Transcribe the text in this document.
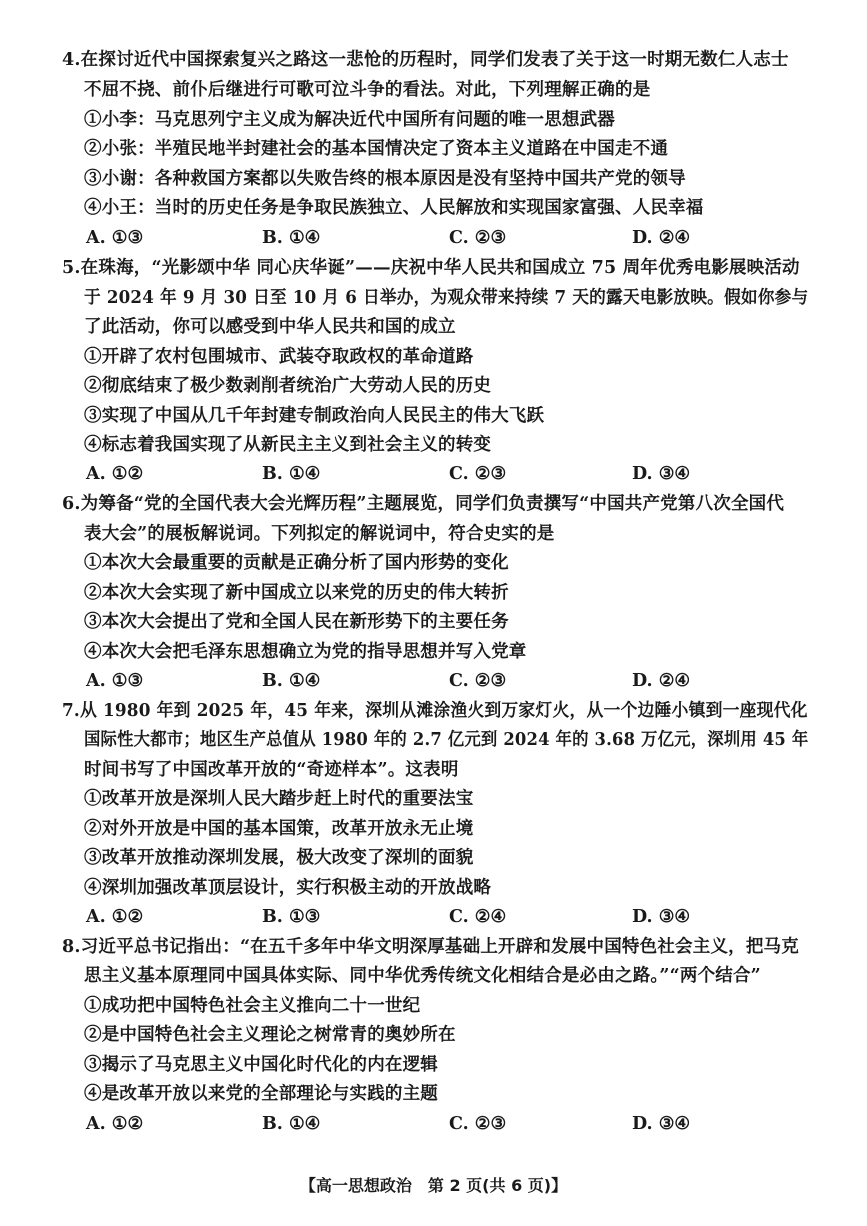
4.在探讨近代中国探索复兴之路这一悲怆的历程时，同学们发表了关于这一时期无数仁人志士
不屈不挠、前仆后继进行可歌可泣斗争的看法。对此，下列理解正确的是
①小李：马克思列宁主义成为解决近代中国所有问题的唯一思想武器
②小张：半殖民地半封建社会的基本国情决定了资本主义道路在中国走不通
③小谢：各种救国方案都以失败告终的根本原因是没有坚持中国共产党的领导
④小王：当时的历史任务是争取民族独立、人民解放和实现国家富强、人民幸福
A. ①③	B. ①④	C. ②③	D. ②④
5.在珠海，“光影颂中华 同心庆华诞”——庆祝中华人民共和国成立 75 周年优秀电影展映活动
于 2024 年 9 月 30 日至 10 月 6 日举办，为观众带来持续 7 天的露天电影放映。假如你参与
了此活动，你可以感受到中华人民共和国的成立
①开辟了农村包围城市、武装夺取政权的革命道路
②彻底结束了极少数剥削者统治广大劳动人民的历史
③实现了中国从几千年封建专制政治向人民民主的伟大飞跃
④标志着我国实现了从新民主主义到社会主义的转变
A. ①②	B. ①④	C. ②③	D. ③④
6.为筹备“党的全国代表大会光辉历程”主题展览，同学们负责撰写“中国共产党第八次全国代
表大会”的展板解说词。下列拟定的解说词中，符合史实的是
①本次大会最重要的贡献是正确分析了国内形势的变化
②本次大会实现了新中国成立以来党的历史的伟大转折
③本次大会提出了党和全国人民在新形势下的主要任务
④本次大会把毛泽东思想确立为党的指导思想并写入党章
A. ①③	B. ①④	C. ②③	D. ②④
7.从 1980 年到 2025 年，45 年来，深圳从滩涂渔火到万家灯火，从一个边陲小镇到一座现代化
国际性大都市；地区生产总值从 1980 年的 2.7 亿元到 2024 年的 3.68 万亿元，深圳用 45 年
时间书写了中国改革开放的“奇迹样本”。这表明
①改革开放是深圳人民大踏步赶上时代的重要法宝
②对外开放是中国的基本国策，改革开放永无止境
③改革开放推动深圳发展，极大改变了深圳的面貌
④深圳加强改革顶层设计，实行积极主动的开放战略
A. ①②	B. ①③	C. ②④	D. ③④
8.习近平总书记指出：“在五千多年中华文明深厚基础上开辟和发展中国特色社会主义，把马克
思主义基本原理同中国具体实际、同中华优秀传统文化相结合是必由之路。”“两个结合”
①成功把中国特色社会主义推向二十一世纪
②是中国特色社会主义理论之树常青的奥妙所在
③揭示了马克思主义中国化时代化的内在逻辑
④是改革开放以来党的全部理论与实践的主题
A. ①②	B. ①④	C. ②③	D. ③④
【高一思想政治　第 2 页(共 6 页)】
